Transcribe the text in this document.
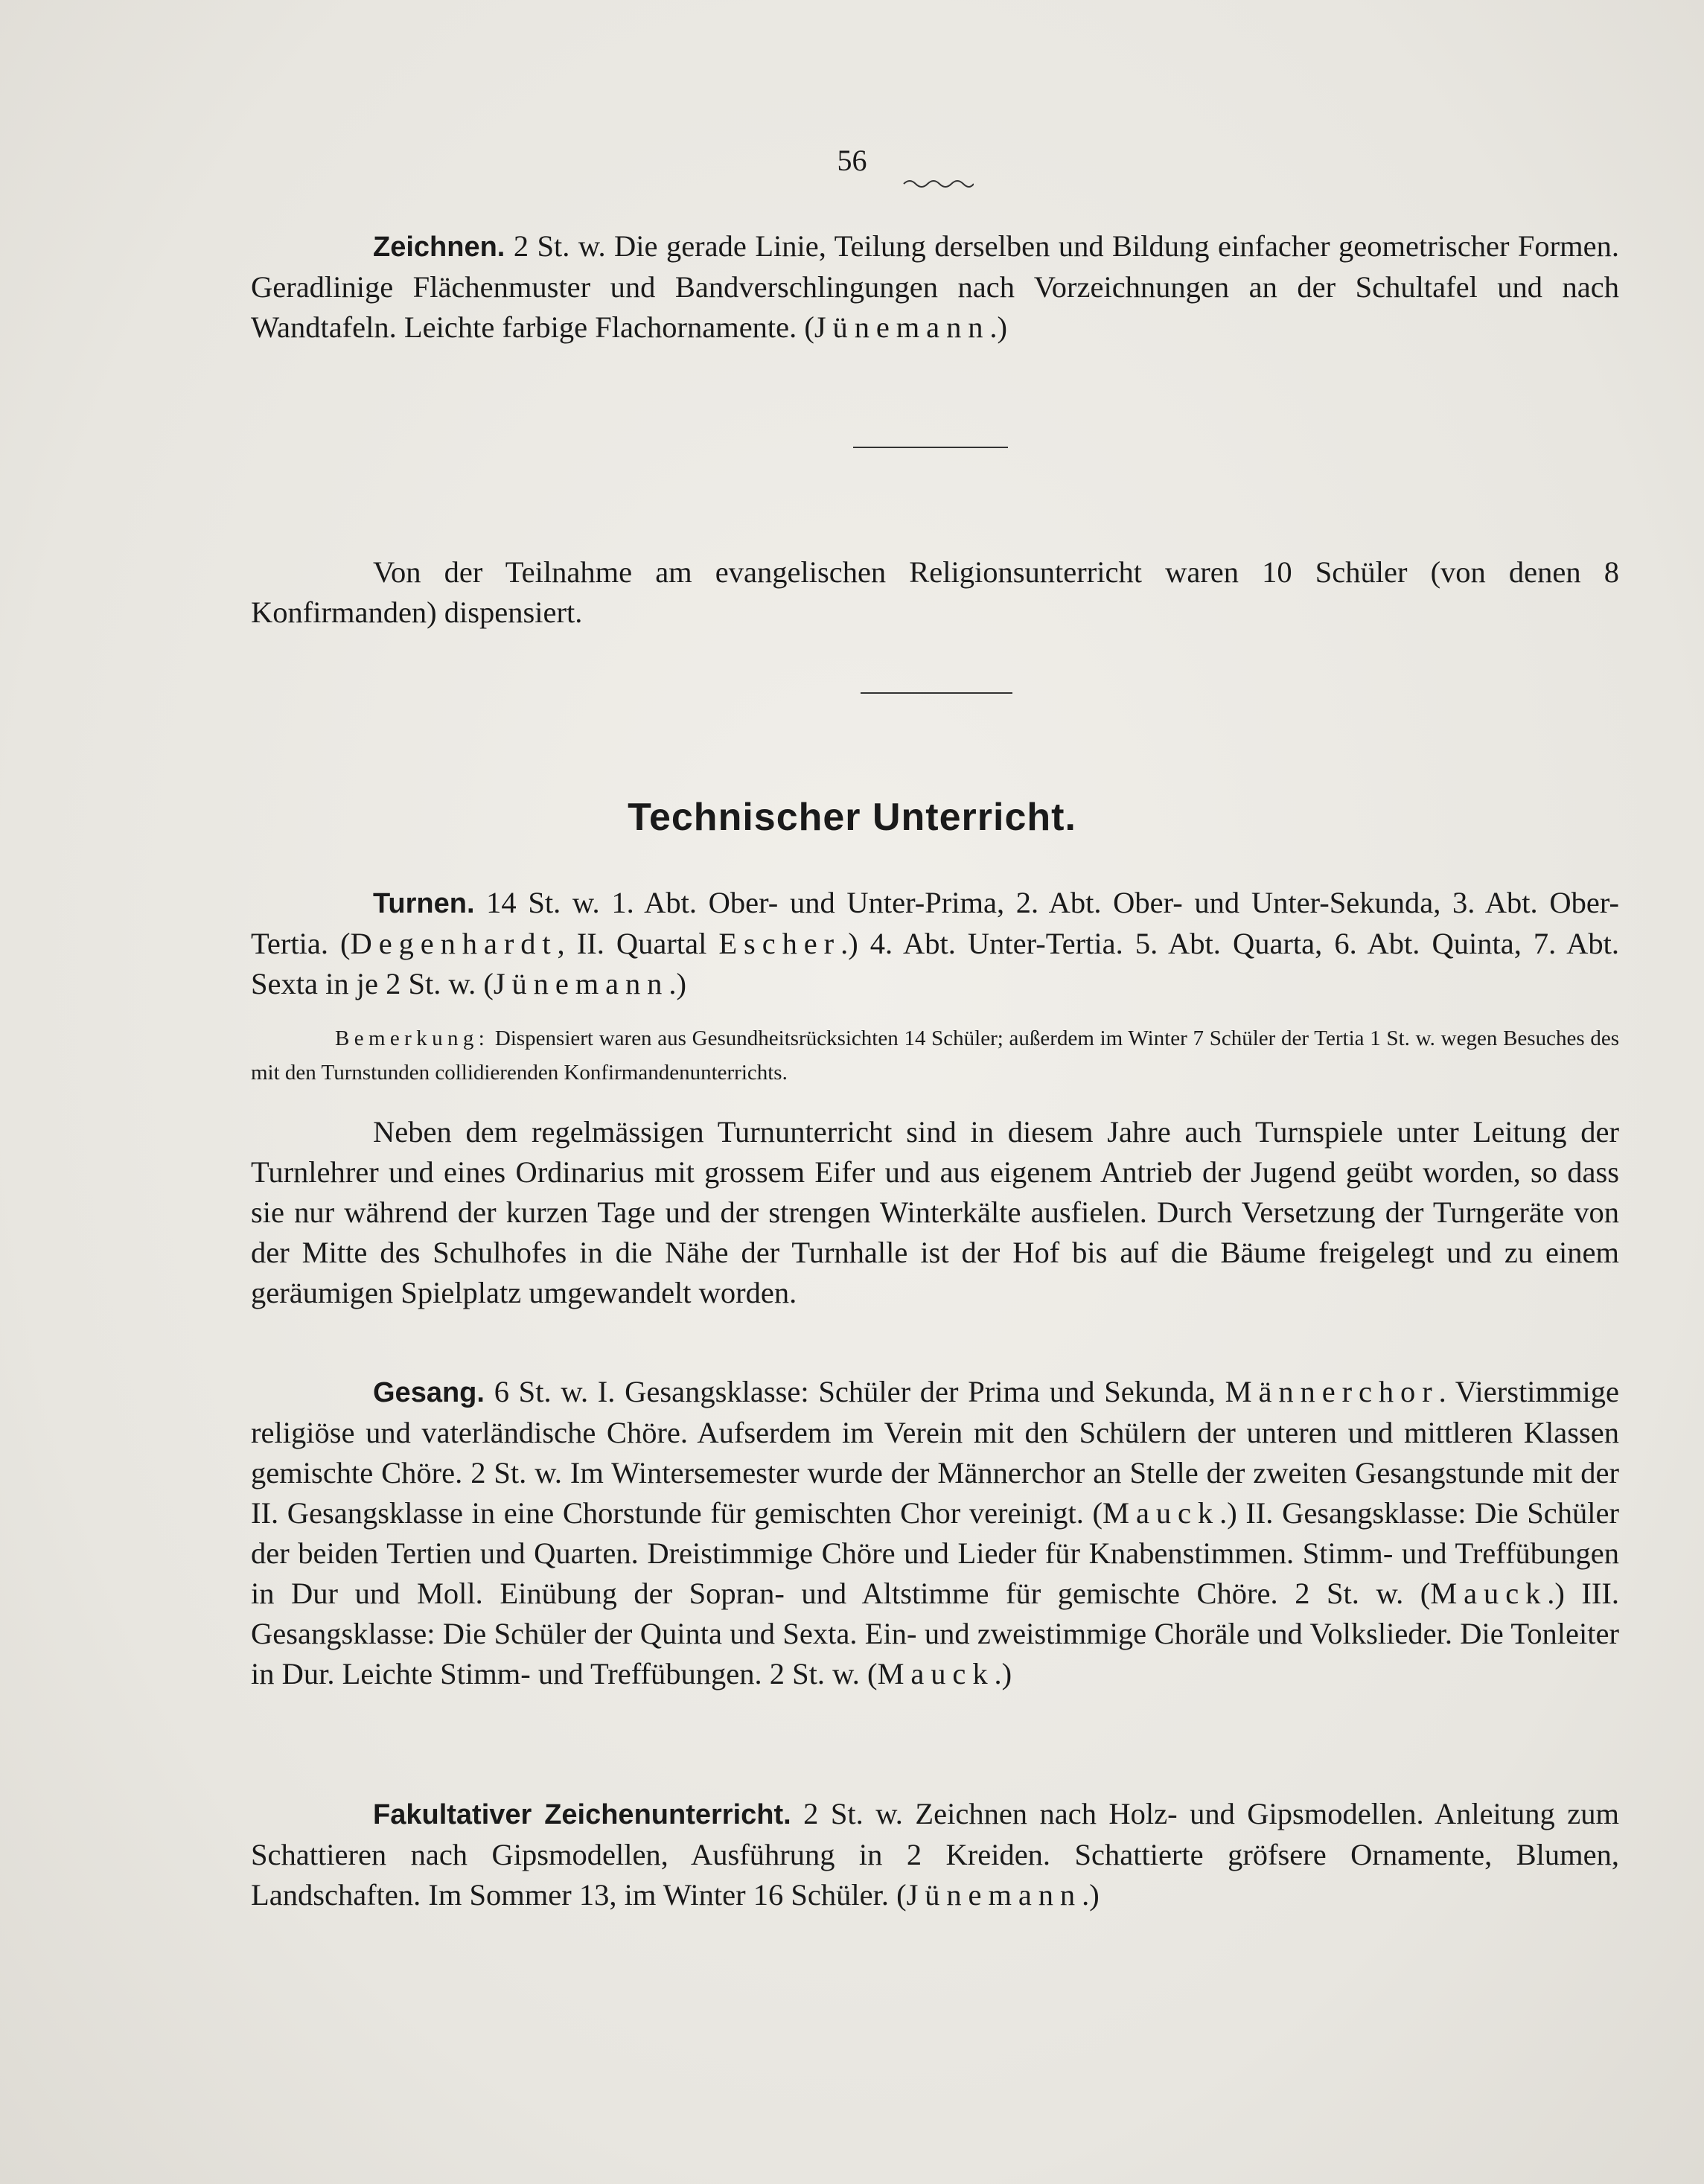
56

Zeichnen. 2 St. w. Die gerade Linie, Teilung derselben und Bildung einfacher geometrischer Formen. Geradlinige Flächenmuster und Bandverschlingungen nach Vorzeichnungen an der Schultafel und nach Wandtafeln. Leichte farbige Flachornamente. (Jünemann.)

Von der Teilnahme am evangelischen Religionsunterricht waren 10 Schüler (von denen 8 Konfirmanden) dispensiert.

Technischer Unterricht.

Turnen. 14 St. w. 1. Abt. Ober- und Unter-Prima, 2. Abt. Ober- und Unter-Sekunda, 3. Abt. Ober-Tertia. (Degenhardt, II. Quartal Escher.) 4. Abt. Unter-Tertia. 5. Abt. Quarta, 6. Abt. Quinta, 7. Abt. Sexta in je 2 St. w. (Jünemann.)

Bemerkung: Dispensiert waren aus Gesundheitsrücksichten 14 Schüler; außerdem im Winter 7 Schüler der Tertia 1 St. w. wegen Besuches des mit den Turnstunden collidierenden Konfirmandenunterrichts.

Neben dem regelmässigen Turnunterricht sind in diesem Jahre auch Turnspiele unter Leitung der Turnlehrer und eines Ordinarius mit grossem Eifer und aus eigenem Antrieb der Jugend geübt worden, so dass sie nur während der kurzen Tage und der strengen Winterkälte ausfielen. Durch Versetzung der Turngeräte von der Mitte des Schulhofes in die Nähe der Turnhalle ist der Hof bis auf die Bäume freigelegt und zu einem geräumigen Spielplatz umgewandelt worden.

Gesang. 6 St. w. I. Gesangsklasse: Schüler der Prima und Sekunda, Männerchor. Vierstimmige religiöse und vaterländische Chöre. Aufserdem im Verein mit den Schülern der unteren und mittleren Klassen gemischte Chöre. 2 St. w. Im Wintersemester wurde der Männerchor an Stelle der zweiten Gesangstunde mit der II. Gesangsklasse in eine Chorstunde für gemischten Chor vereinigt. (Mauck.) II. Gesangsklasse: Die Schüler der beiden Tertien und Quarten. Dreistimmige Chöre und Lieder für Knabenstimmen. Stimm- und Treffübungen in Dur und Moll. Einübung der Sopran- und Altstimme für gemischte Chöre. 2 St. w. (Mauck.) III. Gesangsklasse: Die Schüler der Quinta und Sexta. Ein- und zweistimmige Choräle und Volkslieder. Die Tonleiter in Dur. Leichte Stimm- und Treffübungen. 2 St. w. (Mauck.)

Fakultativer Zeichenunterricht. 2 St. w. Zeichnen nach Holz- und Gipsmodellen. Anleitung zum Schattieren nach Gipsmodellen, Ausführung in 2 Kreiden. Schattierte gröfsere Ornamente, Blumen, Landschaften. Im Sommer 13, im Winter 16 Schüler. (Jünemann.)
